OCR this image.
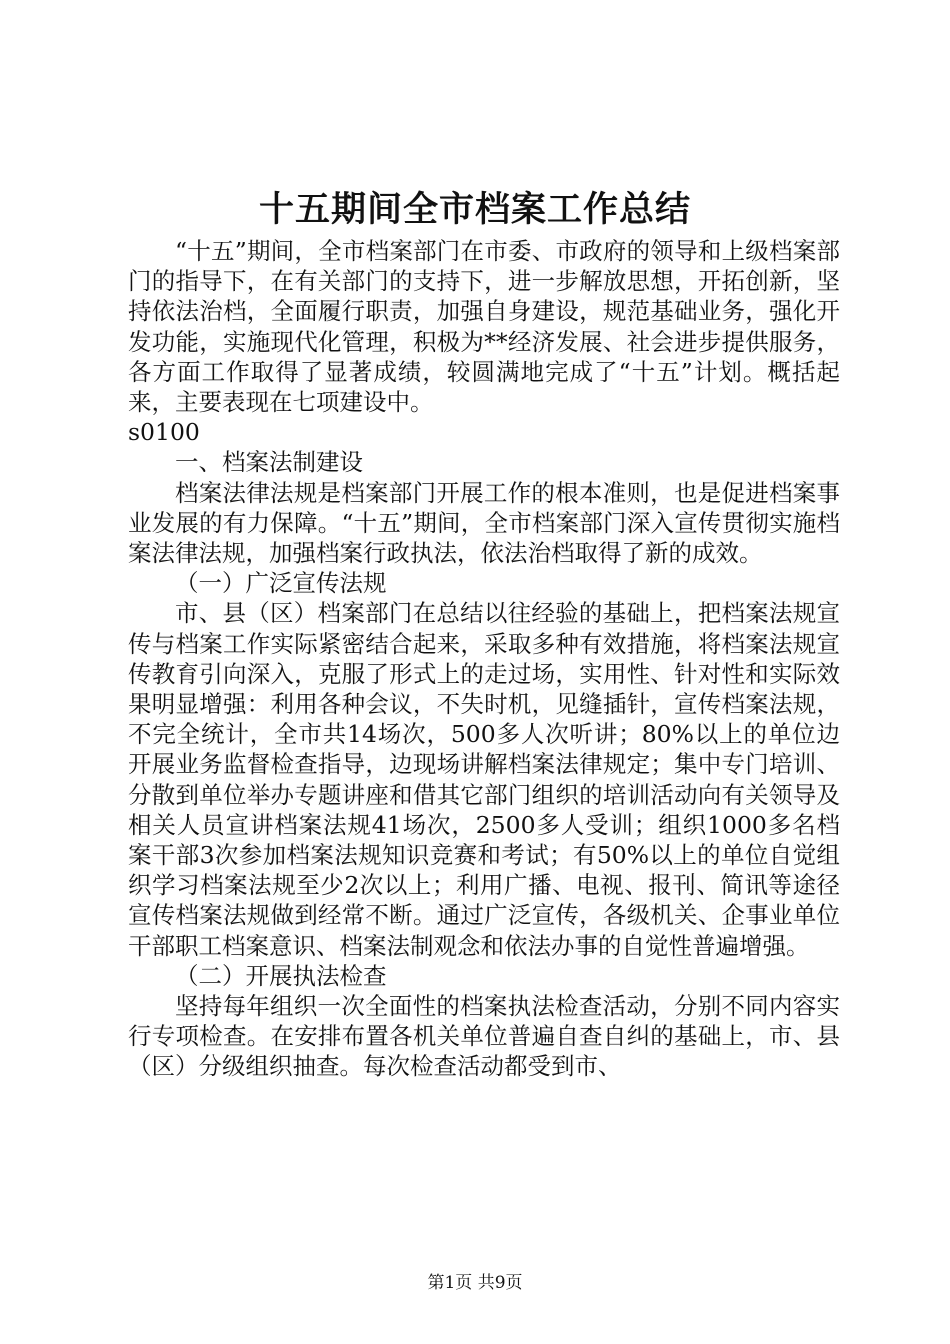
十五期间全市档案工作总结

“十五”期间，全市档案部门在市委、市政府的领导和上级档案部门的指导下，在有关部门的支持下，进一步解放思想，开拓创新，坚持依法治档，全面履行职责，加强自身建设，规范基础业务，强化开发功能，实施现代化管理，积极为**经济发展、社会进步提供服务，各方面工作取得了显著成绩，较圆满地完成了“十五”计划。概括起来，主要表现在七项建设中。

s0100

一、档案法制建设

档案法律法规是档案部门开展工作的根本准则，也是促进档案事业发展的有力保障。“十五”期间，全市档案部门深入宣传贯彻实施档案法律法规，加强档案行政执法，依法治档取得了新的成效。

（一）广泛宣传法规

市、县（区）档案部门在总结以往经验的基础上，把档案法规宣传与档案工作实际紧密结合起来，采取多种有效措施，将档案法规宣传教育引向深入，克服了形式上的走过场，实用性、针对性和实际效果明显增强：利用各种会议，不失时机，见缝插针，宣传档案法规，不完全统计，全市共14场次，500多人次听讲；80%以上的单位边开展业务监督检查指导，边现场讲解档案法律规定；集中专门培训、分散到单位举办专题讲座和借其它部门组织的培训活动向有关领导及相关人员宣讲档案法规41场次，2500多人受训；组织1000多名档案干部3次参加档案法规知识竞赛和考试；有50%以上的单位自觉组织学习档案法规至少2次以上；利用广播、电视、报刊、简讯等途径宣传档案法规做到经常不断。通过广泛宣传，各级机关、企事业单位干部职工档案意识、档案法制观念和依法办事的自觉性普遍增强。

（二）开展执法检查

坚持每年组织一次全面性的档案执法检查活动，分别不同内容实行专项检查。在安排布置各机关单位普遍自查自纠的基础上，市、县（区）分级组织抽查。每次检查活动都受到市、

第1页 共9页
